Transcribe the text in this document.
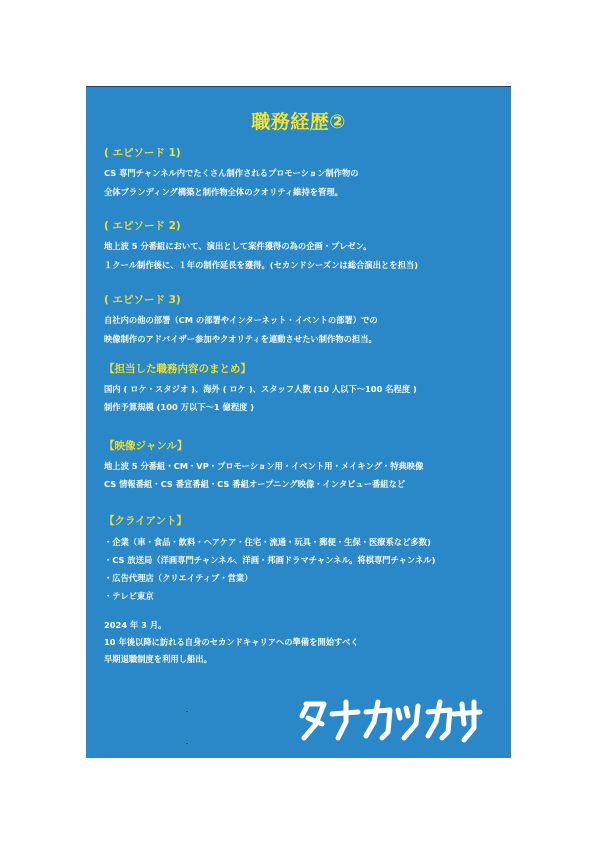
職務経歴②
( エピソード 1)
CS 専門チャンネル内でたくさん制作されるプロモーション制作物の
全体ブランディング構築と制作物全体のクオリティ維持を管理。
( エピソード 2)
地上波 5 分番組において、演出として案件獲得の為の企画・プレゼン。
１クール制作後に、１年の制作延長を獲得。(セカンドシーズンは総合演出とを担当)
( エピソード 3)
自社内の他の部署（CM の部署やインターネット・イベントの部署）での
映像制作のアドバイザー参加やクオリティを連動させたい制作物の担当。
【担当した職務内容のまとめ】
国内 ( ロケ・スタジオ )、海外 ( ロケ )、スタッフ人数 (10 人以下〜100 名程度 )
制作予算規模 (100 万以下〜1 億程度 )
【映像ジャンル】
地上波 5 分番組・CM・VP・プロモーション用・イベント用・メイキング・特典映像
CS 情報番組・CS 番宣番組・CS 番組オープニング映像・インタビュー番組など
【クライアント】
・企業（車・食品・飲料・ヘアケア・住宅・流通・玩具・郵便・生保・医療系など多数)
・CS 放送局（洋画専門チャンネル、洋画・邦画ドラマチャンネル。将棋専門チャンネル)
・広告代理店（クリエイティブ・営業）
・テレビ東京
2024 年 3 月。
10 年後以降に訪れる自身のセカンドキャリアへの準備を開始すべく
早期退職制度を利用し船出。
